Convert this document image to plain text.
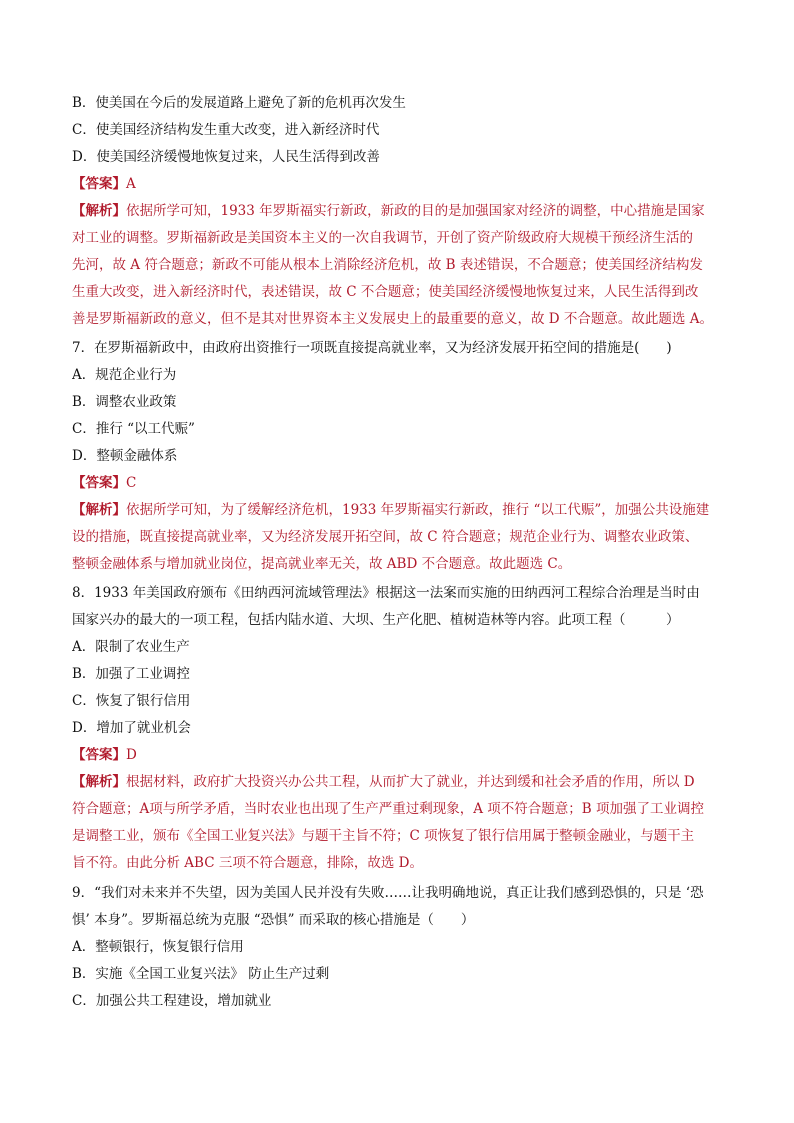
B．使美国在今后的发展道路上避免了新的危机再次发生
C．使美国经济结构发生重大改变，进入新经济时代
D．使美国经济缓慢地恢复过来，人民生活得到改善
【答案】A
【解析】依据所学可知，1933 年罗斯福实行新政，新政的目的是加强国家对经济的调整，中心措施是国家
对工业的调整。罗斯福新政是美国资本主义的一次自我调节，开创了资产阶级政府大规模干预经济生活的
先河，故 A 符合题意；新政不可能从根本上消除经济危机，故 B 表述错误，不合题意；使美国经济结构发
生重大改变，进入新经济时代，表述错误，故 C 不合题意；使美国经济缓慢地恢复过来，人民生活得到改
善是罗斯福新政的意义，但不是其对世界资本主义发展史上的最重要的意义，故 D 不合题意。故此题选 A。
7．在罗斯福新政中，由政府出资推行一项既直接提高就业率，又为经济发展开拓空间的措施是(　　)
A．规范企业行为
B．调整农业政策
C．推行 “以工代赈”
D．整顿金融体系
【答案】C
【解析】依据所学可知，为了缓解经济危机，1933 年罗斯福实行新政，推行 “以工代赈”，加强公共设施建
设的措施，既直接提高就业率，又为经济发展开拓空间，故 C 符合题意；规范企业行为、调整农业政策、
整顿金融体系与增加就业岗位，提高就业率无关，故 ABD 不合题意。故此题选 C。
8．1933 年美国政府颁布《田纳西河流域管理法》根据这一法案而实施的田纳西河工程综合治理是当时由
国家兴办的最大的一项工程，包括内陆水道、大坝、生产化肥、植树造林等内容。此项工程（　　　）
A．限制了农业生产
B．加强了工业调控
C．恢复了银行信用
D．增加了就业机会
【答案】D
【解析】根据材料，政府扩大投资兴办公共工程，从而扩大了就业，并达到缓和社会矛盾的作用，所以 D
符合题意；A项与所学矛盾，当时农业也出现了生产严重过剩现象，A 项不符合题意；B 项加强了工业调控
是调整工业，颁布《全国工业复兴法》与题干主旨不符；C 项恢复了银行信用属于整顿金融业，与题干主
旨不符。由此分析 ABC 三项不符合题意，排除，故选 D。
9．“我们对未来并不失望，因为美国人民并没有失败……让我明确地说，真正让我们感到恐惧的，只是 ‘恐
惧’ 本身”。罗斯福总统为克服 “恐惧” 而采取的核心措施是（　　）
A．整顿银行，恢复银行信用
B．实施《全国工业复兴法》 防止生产过剩
C．加强公共工程建设，增加就业
